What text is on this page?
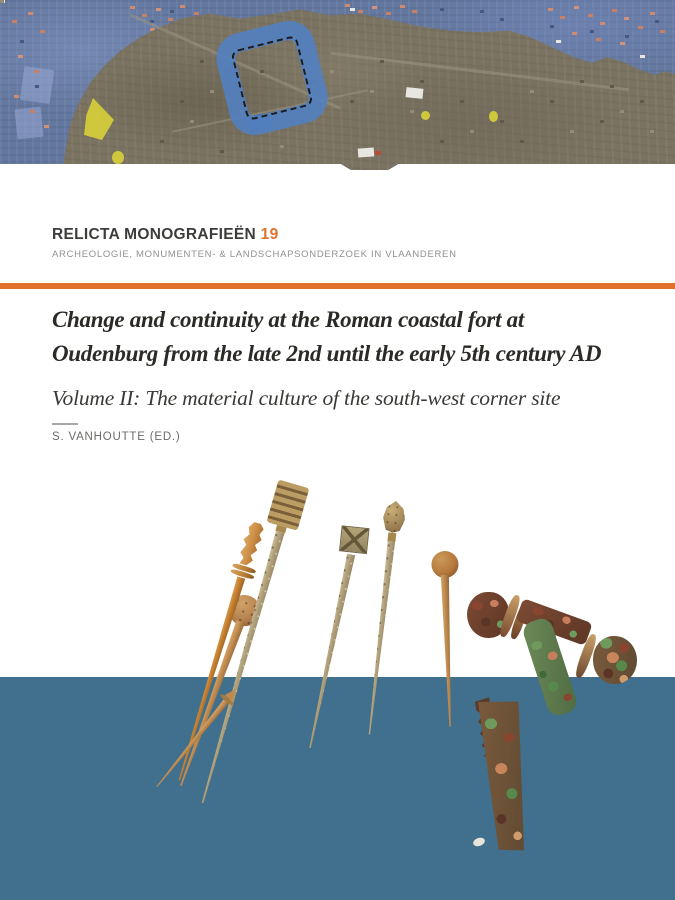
RELICTA MONOGRAFIEËN 19
ARCHEOLOGIE, MONUMENTEN- & LANDSCHAPSONDERZOEK IN VLAANDEREN
Change and continuity at the Roman coastal fort at
Oudenburg from the late 2nd until the early 5th century AD
Volume II: The material culture of the south-west corner site
S. VANHOUTTE (ED.)
